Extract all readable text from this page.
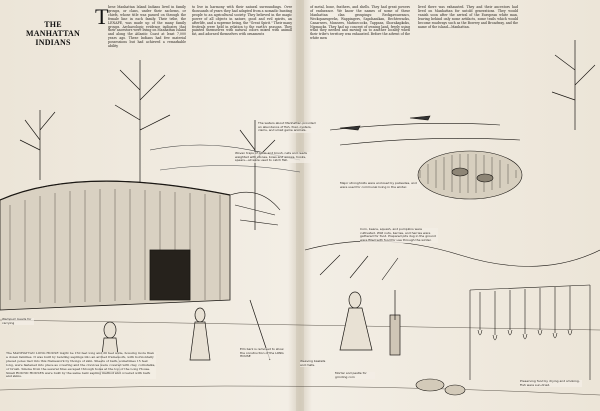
THE
MANHATTAN
INDIANS
T hese Manhattan Island Indians lived in family groups, or clans, under their sachems, or chiefs, whose title was passed on through the female line in each family. Their tribe, the LENAPE, was made up of the many family groups. Archaeologic evidence indicates that their ancestors were living on Manhattan Island and along the Atlantic Coast at least 7,000 years ago. These Indians had few material possessions but had achieved a remarkable ability
to live in harmony with their natural surroundings. Over thousands of years they had adapted from a nomadic hunting people to an agricultural society. They believed in the magic power of all objects in nature, good and evil spirits, an afterlife, and a supreme being, the "Great Spirit." Their many festivals were held in relation to the earth's seasons. They painted themselves with natural colors mixed with animal fat, and adorned themselves with ornaments
of metal, bone, feathers, and shells. They had great powers of endurance. We know the names of some of these Manhattan clan groupings: Reckgawawancs, Weckquaesgeeks, Wappingers, Sapohanikan, Rechtewacks, Canarsees, Munsees, Matinecocks, Tappans, Shorakapkoks, Nipmucks. They had no concept of owning land, freely using what they needed and moving on to another locality when their tribe's territory was exhausted. Before the advent of the white men
lived there was exhausted. They and their ancestors had lived on Manhattan for untold generations. They would vanish soon after the arrival of the European white man, leaving behind only some artifacts, some trails which would become roadways such as the Bowery and Broadway, and the name of the island—Manhattan.
The waters about Manhattan provided an abundance of fish, fowl, oysters, clams, and small game animals.
Woven traps of poles and brush, nets and reeds weighted with stones, bows and arrows, hooks, spears—all were used to catch fish.
Major strongholds were enclosed by palisades, and were used for communal living in the winter.
Corn, beans, squash, and pumpkins were cultivated. Wild nuts, berries, and herries were gathered for food. Prepared pits dug in the ground were filled with food for use through the winter.
Elm bark is removed to show the construction of the LONG HOUSE
Weaving baskets and mats.
Mortar and pestle for grinding corn
Wampum beads for carrying
Preserving food by drying and smoking. Fish were sun-dried.
The MANHATTAN LONG HOUSE might be 150 feet long and 20 feet wide, housing more than a dozen families. It was built by bending saplings into an arched framework, with horizontally placed poles tied into this framework by thongs of skin. Sheets of bark, sometimes 15 feet long, were fastened into place as covering and the crevices were covered with clay, cornstalks, or brush. Smoke from the several fires escaped through holes at the top of the Long House. Small ROUND HOUSES were built by the same bent sapling method and covered with bark and skins.
